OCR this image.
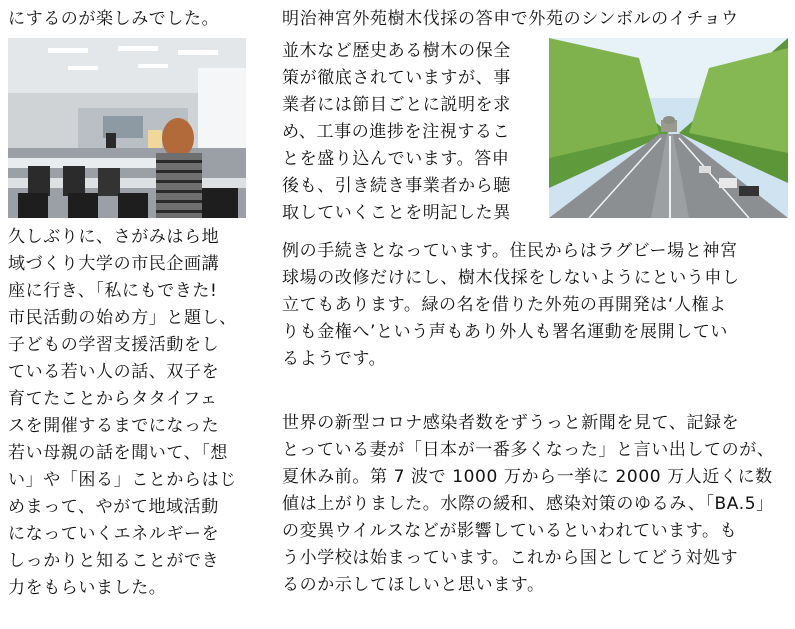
にするのが楽しみでした。
久しぶりに、さがみはら地
域づくり大学の市民企画講
座に行き、「私にもできた!
市民活動の始め方」と題し、
子どもの学習支援活動をし
ている若い人の話、双子を
育てたことからタタイフェ
スを開催するまでになった
若い母親の話を聞いて、「想
い」や「困る」ことからはじ
めまって、やがて地域活動
になっていくエネルギーを
しっかりと知ることができ
力をもらいました。
明治神宮外苑樹木伐採の答申で外苑のシンボルのイチョウ
並木など歴史ある樹木の保全
策が徹底されていますが、事
業者には節目ごとに説明を求
め、工事の進捗を注視するこ
とを盛り込んでいます。答申
後も、引き続き事業者から聴
取していくことを明記した異
例の手続きとなっています。住民からはラグビー場と神宮
球場の改修だけにし、樹木伐採をしないようにという申し
立てもあります。緑の名を借りた外苑の再開発は‘人権よ
りも金権へ’という声もあり外人も署名運動を展開してい
るようです。
世界の新型コロナ感染者数をずうっと新聞を見て、記録を
とっている妻が「日本が一番多くなった」と言い出してのが、
夏休み前。第 7 波で 1000 万から一挙に 2000 万人近くに数
値は上がりました。水際の緩和、感染対策のゆるみ、「BA.5」
の変異ウイルスなどが影響しているといわれています。も
う小学校は始まっています。これから国としてどう対処す
るのか示してほしいと思います。
